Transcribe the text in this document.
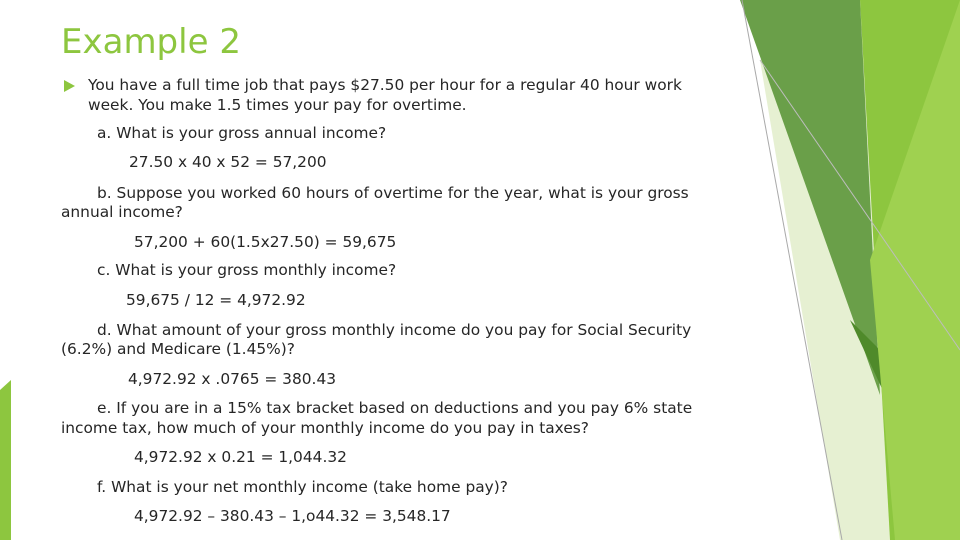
Example 2
You have a full time job that pays $27.50 per hour for a regular 40 hour work
week. You make 1.5 times your pay for overtime.
a. What is your gross annual income?
27.50 x 40 x 52 = 57,200
b. Suppose you worked 60 hours of overtime for the year, what is your gross
annual income?
57,200 + 60(1.5x27.50) = 59,675
c. What is your gross monthly income?
59,675 / 12 = 4,972.92
d. What amount of your gross monthly income do you pay for Social Security
(6.2%) and Medicare (1.45%)?
4,972.92 x .0765 = 380.43
e. If you are in a 15% tax bracket based on deductions and you pay 6% state
income tax, how much of your monthly income do you pay in taxes?
4,972.92 x 0.21 = 1,044.32
f. What is your net monthly income (take home pay)?
4,972.92 – 380.43 – 1,o44.32 = 3,548.17
